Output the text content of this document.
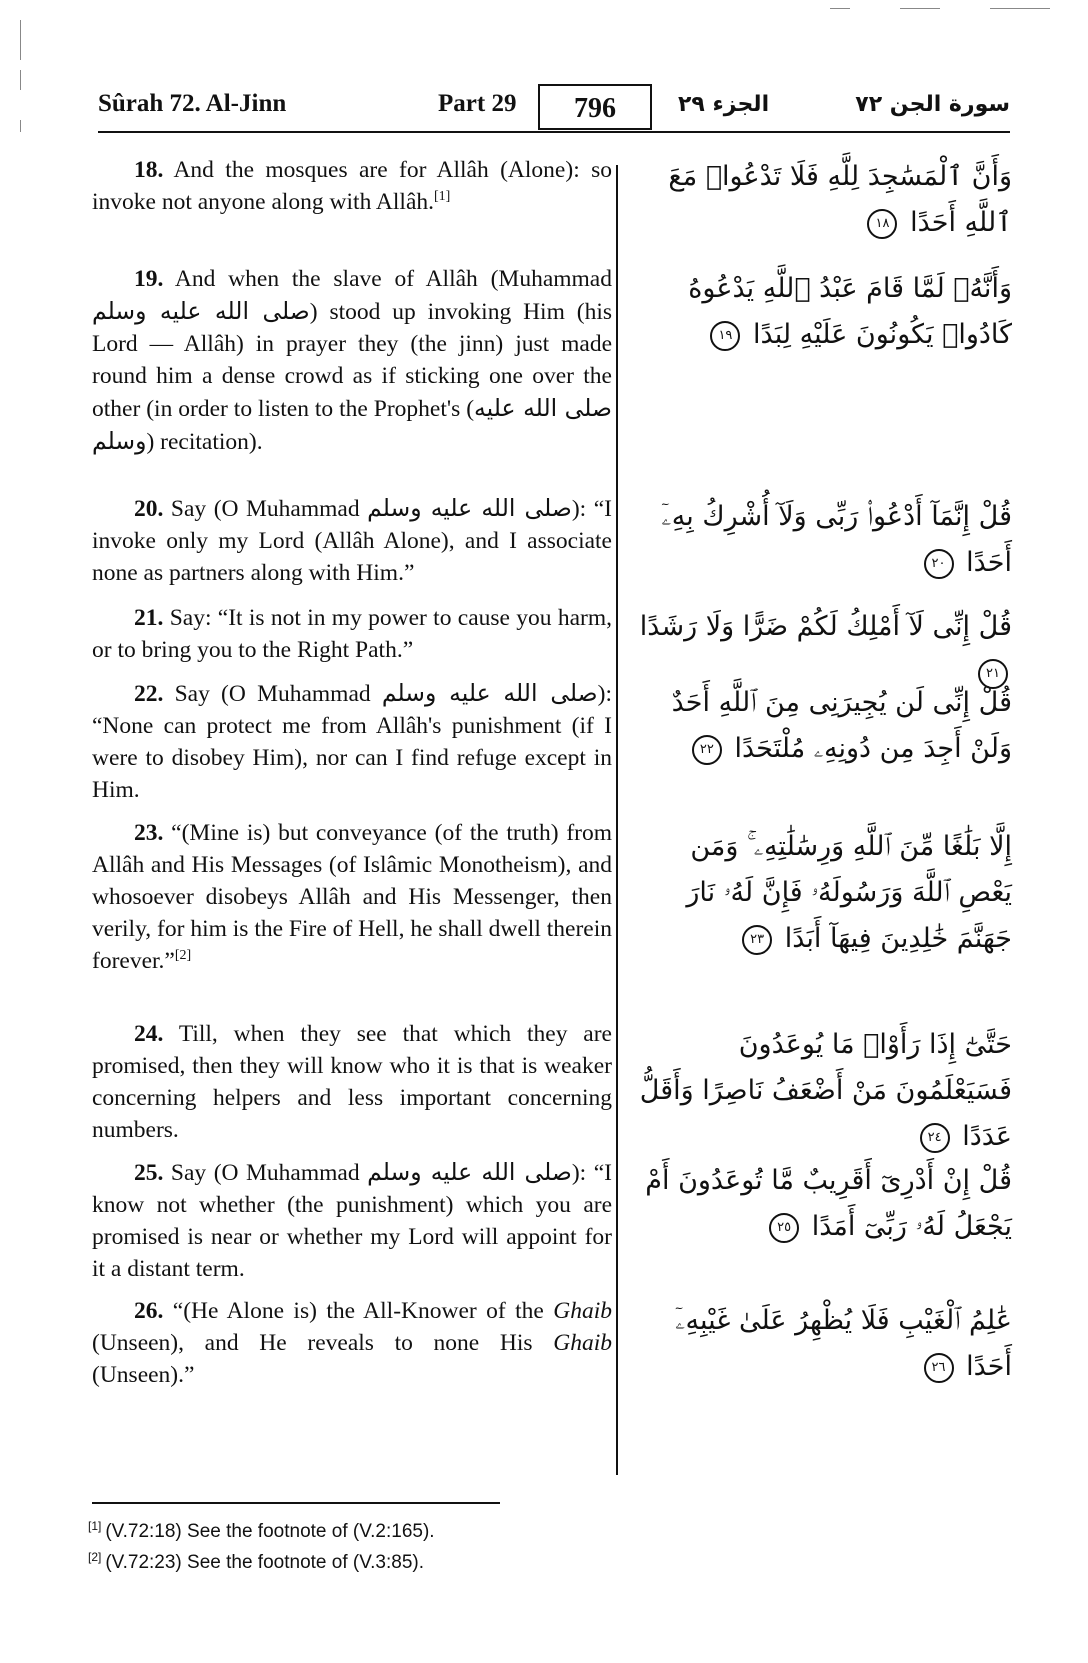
Sûrah 72. Al-Jinn	Part 29	796	الجزء ٢٩	سورة الجن ٧٢
18. And the mosques are for Allâh (Alone): so invoke not anyone along with Allâh.[1]
وَأَنَّ ٱلْمَسَٰجِدَ لِلَّهِ فَلَا تَدْعُوا۟ مَعَ ٱللَّهِ أَحَدًا ١٨
19. And when the slave of Allâh (Muhammad صلى الله عليه وسلم) stood up invoking Him (his Lord — Allâh) in prayer they (the jinn) just made round him a dense crowd as if sticking one over the other (in order to listen to the Prophet's (صلى الله عليه وسلم) recitation).
وَأَنَّهُۥ لَمَّا قَامَ عَبْدُ ٱللَّهِ يَدْعُوهُ كَادُوا۟ يَكُونُونَ عَلَيْهِ لِبَدًا ١٩
20. Say (O Muhammad صلى الله عليه وسلم): “I invoke only my Lord (Allâh Alone), and I associate none as partners along with Him.”
قُلْ إِنَّمَآ أَدْعُوا۟ رَبِّى وَلَآ أُشْرِكُ بِهِۦٓ أَحَدًا ٢٠
21. Say: “It is not in my power to cause you harm, or to bring you to the Right Path.”
قُلْ إِنِّى لَآ أَمْلِكُ لَكُمْ ضَرًّا وَلَا رَشَدًا ٢١
22. Say (O Muhammad صلى الله عليه وسلم): “None can protect me from Allâh's punishment (if I were to disobey Him), nor can I find refuge except in Him.
قُلْ إِنِّى لَن يُجِيرَنِى مِنَ ٱللَّهِ أَحَدٌ وَلَنْ أَجِدَ مِن دُونِهِۦ مُلْتَحَدًا ٢٢
23. “(Mine is) but conveyance (of the truth) from Allâh and His Messages (of Islâmic Monotheism), and whosoever disobeys Allâh and His Messenger, then verily, for him is the Fire of Hell, he shall dwell therein forever.”[2]
إِلَّا بَلَٰغًا مِّنَ ٱللَّهِ وَرِسَٰلَٰتِهِۦ ۚ وَمَن يَعْصِ ٱللَّهَ وَرَسُولَهُۥ فَإِنَّ لَهُۥ نَارَ جَهَنَّمَ خَٰلِدِينَ فِيهَآ أَبَدًا ٢٣
24. Till, when they see that which they are promised, then they will know who it is that is weaker concerning helpers and less important concerning numbers.
حَتَّىٰٓ إِذَا رَأَوْا۟ مَا يُوعَدُونَ فَسَيَعْلَمُونَ مَنْ أَضْعَفُ نَاصِرًا وَأَقَلُّ عَدَدًا ٢٤
25. Say (O Muhammad صلى الله عليه وسلم): “I know not whether (the punishment) which you are promised is near or whether my Lord will appoint for it a distant term.
قُلْ إِنْ أَدْرِىٓ أَقَرِيبٌ مَّا تُوعَدُونَ أَمْ يَجْعَلُ لَهُۥ رَبِّىٓ أَمَدًا ٢٥
26. “(He Alone is) the All-Knower of the Ghaib (Unseen), and He reveals to none His Ghaib (Unseen).”
عَٰلِمُ ٱلْغَيْبِ فَلَا يُظْهِرُ عَلَىٰ غَيْبِهِۦٓ أَحَدًا ٢٦
[1] (V.72:18) See the footnote of (V.2:165).
[2] (V.72:23) See the footnote of (V.3:85).
